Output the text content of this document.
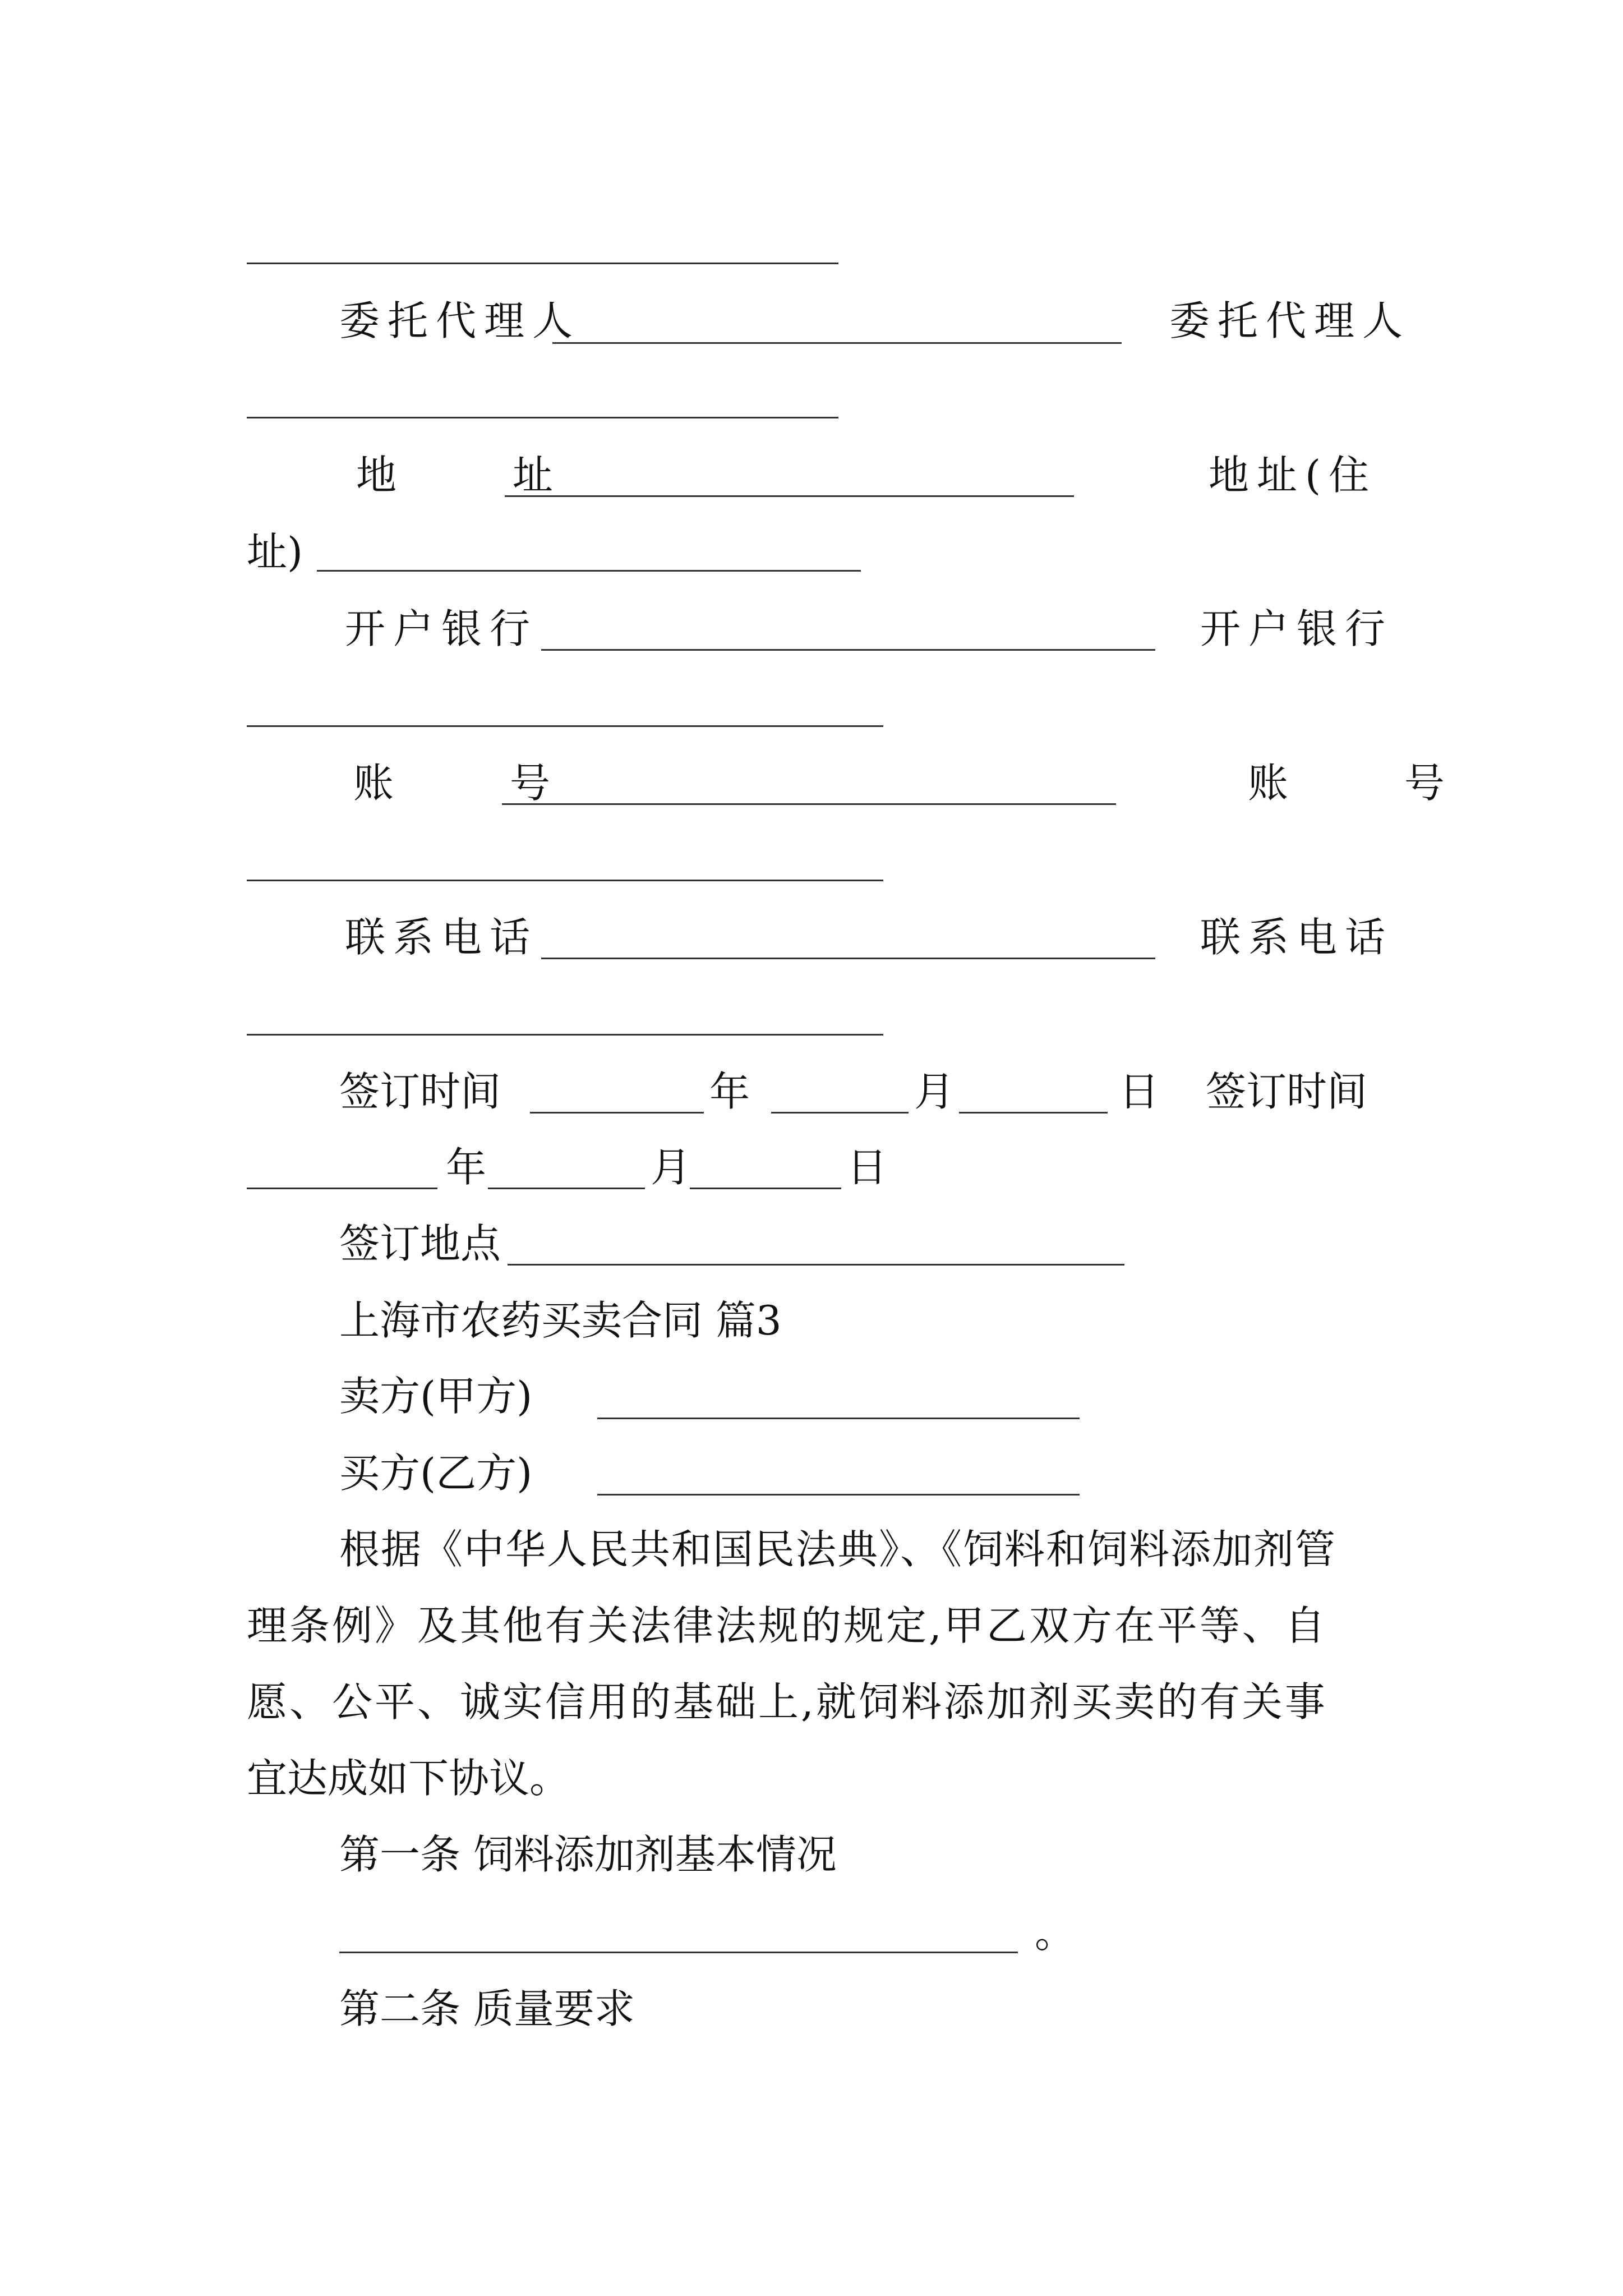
委托代理人	委托代理人
地 址	地址(住
址)
开户银行	开户银行
账 号	账 号
联系电话	联系电话
签订时间	年	月	日 签订时间
年	月	日
签订地点
上海市农药买卖合同 篇3
卖方(甲方)
买方(乙方)
根据《中华人民共和国民法典》、《饲料和饲料添加剂管
理条例》及其他有关法律法规的规定,甲乙双方在平等、自
愿、公平、诚实信用的基础上,就饲料添加剂买卖的有关事
宜达成如下协议。
第一条 饲料添加剂基本情况
。
第二条 质量要求
